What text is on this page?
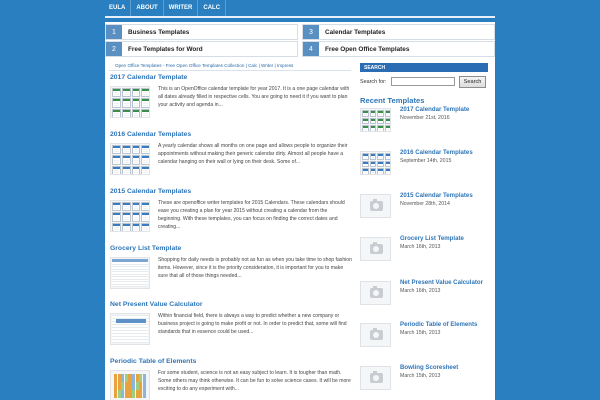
EULA	ABOUT	WRITER	CALC
1	Business Templates	3	Calendar Templates
2	Free Templates for Word	4	Free Open Office Templates
Open Office Templates - Free Open Office Templates Collection | Calc | Writer | Impress
2017 Calendar Template
This is an OpenOffice calendar template for year 2017. It is a one page calendar with all dates already filled in respective cells. You are going to need it if you want to plan your activity and agenda in...
2016 Calendar Templates
A yearly calendar shows all months on one page and allows people to organize their appointments without making their generic calendar dirty. Almost all people have a calendar hanging on their wall or lying on their desk. Some of...
2015 Calendar Templates
These are openoffice writer templates for 2015 Calendars. These calendars should ease you creating a plan for year 2015 without creating a calendar from the beginning. With these templates, you can focus on finding the correct dates and creating...
Grocery List Template
Shopping for daily needs is probably not as fun as when you take time to shop fashion items. However, since it is the priority consideration, it is important for you to make sure that all of those things needed...
Net Present Value Calculator
Within financial field, there is always a way to predict whether a new company or business project is going to make profit or not. In order to predict that, some will find standards that in essence could be used...
Periodic Table of Elements
For some student, science is not an easy subject to learn. It is tougher than math. Some others may think otherwise. It can be fun to solve science cases. It will be more exciting to do any experiment with...
SEARCH
Search for:	Search
Recent Templates
2017 Calendar Template
November 21st, 2016
2016 Calendar Templates
September 14th, 2015
2015 Calendar Templates
November 28th, 2014
Grocery List Template
March 16th, 2013
Net Present Value Calculator
March 16th, 2013
Periodic Table of Elements
March 15th, 2013
Bowling Scoresheet
March 15th, 2013
